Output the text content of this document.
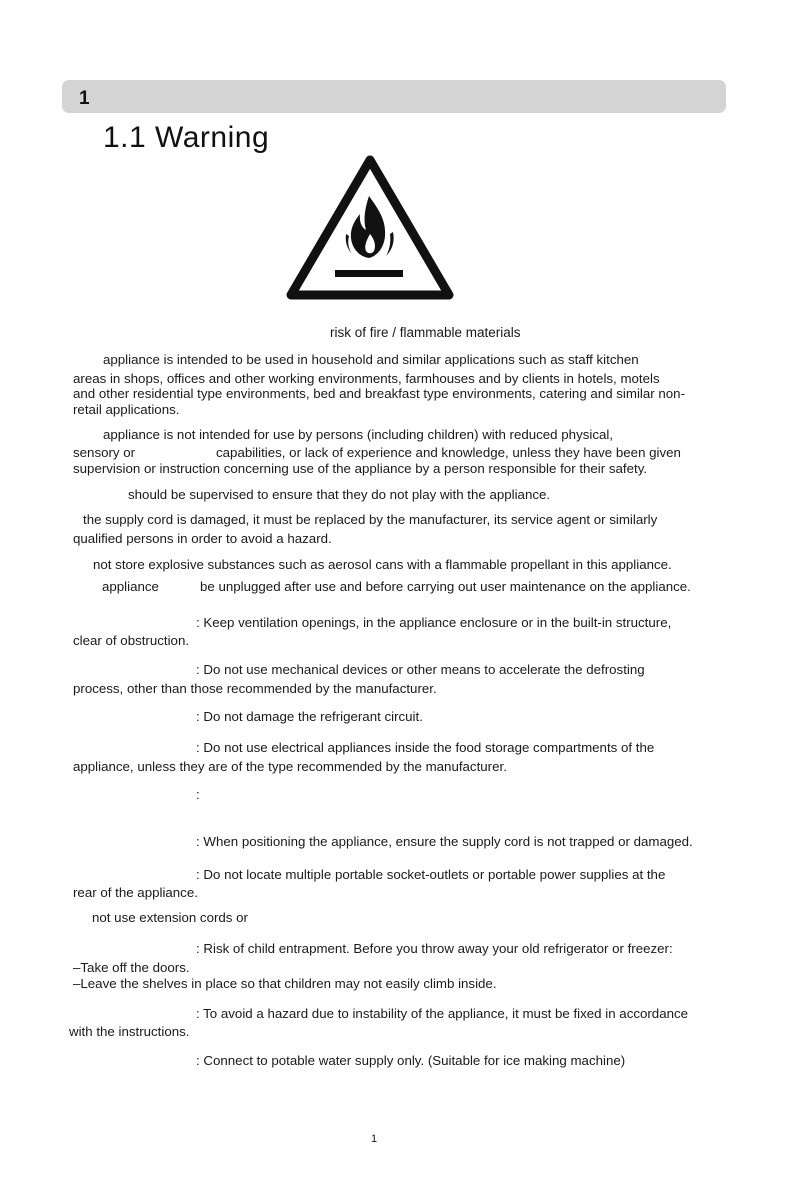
1
1.1 Warning
risk of fire / flammable materials
appliance is intended to be used in household and similar applications such as staff kitchen
areas in shops, offices and other working environments, farmhouses and by clients in hotels, motels
and other residential type environments, bed and breakfast type environments, catering and similar non-
retail applications.
appliance is not intended for use by persons (including children) with reduced physical,
sensory or	capabilities, or lack of experience and knowledge, unless they have been given
supervision or instruction concerning use of the appliance by a person responsible for their safety.
should be supervised to ensure that they do not play with the appliance.
the supply cord is damaged, it must be replaced by the manufacturer, its service agent or similarly
qualified persons in order to avoid a hazard.
not store explosive substances such as aerosol cans with a flammable propellant in this appliance.
appliance	be unplugged after use and before carrying out user maintenance on the appliance.
: Keep ventilation openings, in the appliance enclosure or in the built-in structure,
clear of obstruction.
: Do not use mechanical devices or other means to accelerate the defrosting
process, other than those recommended by the manufacturer.
: Do not damage the refrigerant circuit.
: Do not use electrical appliances inside the food storage compartments of the
appliance, unless they are of the type recommended by the manufacturer.
:
: When positioning the appliance, ensure the supply cord is not trapped or damaged.
: Do not locate multiple portable socket-outlets or portable power supplies at the
rear of the appliance.
not use extension cords or
: Risk of child entrapment. Before you throw away your old refrigerator or freezer:
–Take off the doors.
–Leave the shelves in place so that children may not easily climb inside.
: To avoid a hazard due to instability of the appliance, it must be fixed in accordance
with the instructions.
: Connect to potable water supply only. (Suitable for ice making machine)
1
